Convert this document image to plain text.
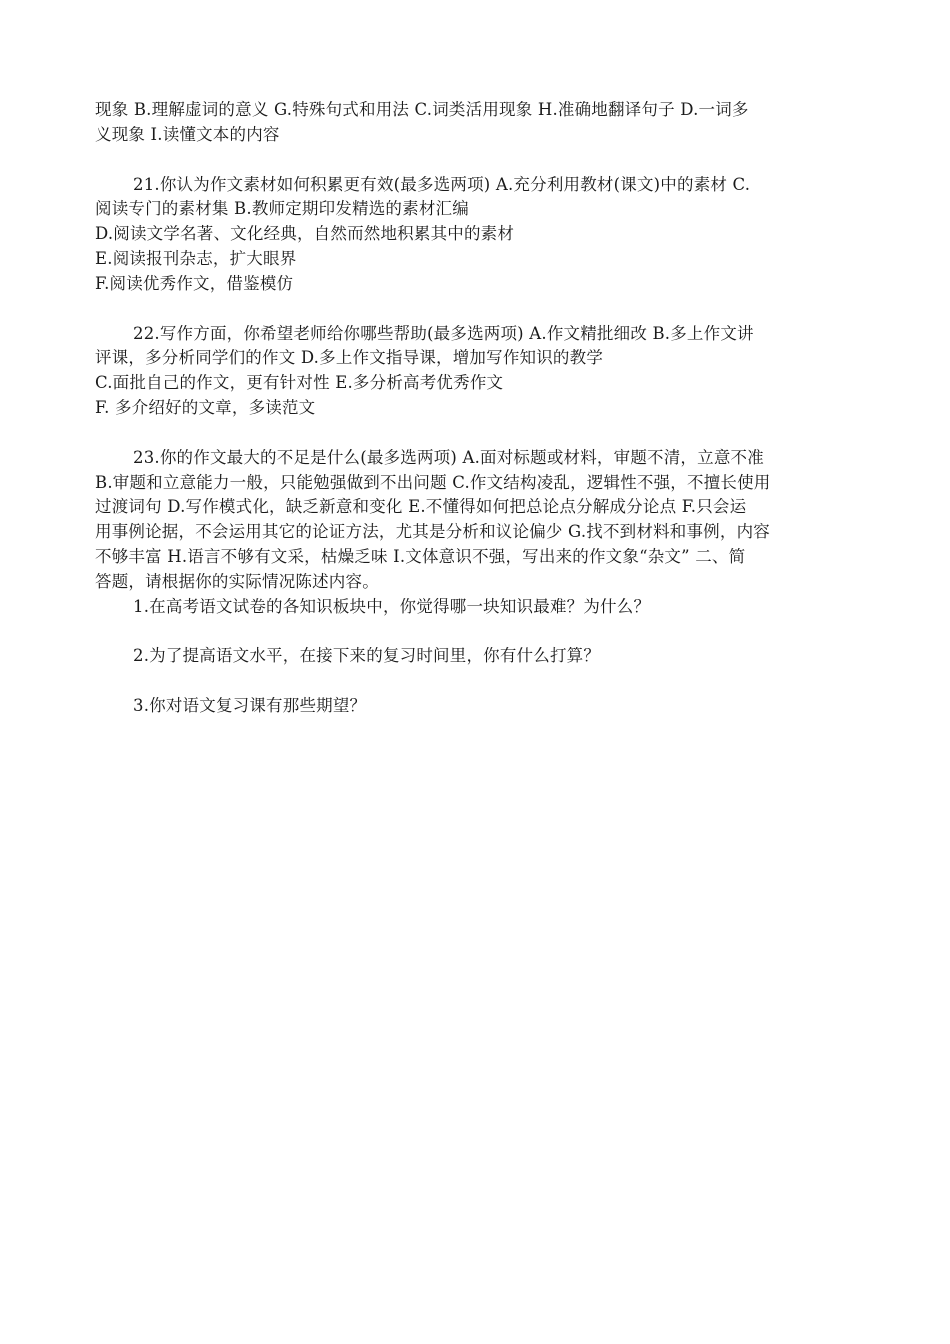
现象 B.理解虚词的意义 G.特殊句式和用法 C.词类活用现象 H.准确地翻译句子 D.一词多
义现象 I.读懂文本的内容
21.你认为作文素材如何积累更有效(最多选两项) A.充分利用教材(课文)中的素材 C.
阅读专门的素材集 B.教师定期印发精选的素材汇编
D.阅读文学名著、文化经典，自然而然地积累其中的素材
E.阅读报刊杂志，扩大眼界
F.阅读优秀作文，借鉴模仿
22.写作方面，你希望老师给你哪些帮助(最多选两项) A.作文精批细改 B.多上作文讲
评课，多分析同学们的作文 D.多上作文指导课，增加写作知识的教学
C.面批自己的作文，更有针对性 E.多分析高考优秀作文
F. 多介绍好的文章，多读范文
23.你的作文最大的不足是什么(最多选两项) A.面对标题或材料，审题不清，立意不准
B.审题和立意能力一般，只能勉强做到不出问题 C.作文结构凌乱，逻辑性不强，不擅长使用
过渡词句 D.写作模式化，缺乏新意和变化 E.不懂得如何把总论点分解成分论点 F.只会运
用事例论据，不会运用其它的论证方法，尤其是分析和议论偏少 G.找不到材料和事例，内容
不够丰富 H.语言不够有文采，枯燥乏味 I.文体意识不强，写出来的作文象“杂文” 二、简
答题，请根据你的实际情况陈述内容。
1.在高考语文试卷的各知识板块中，你觉得哪一块知识最难？为什么？
2.为了提高语文水平，在接下来的复习时间里，你有什么打算？
3.你对语文复习课有那些期望？
